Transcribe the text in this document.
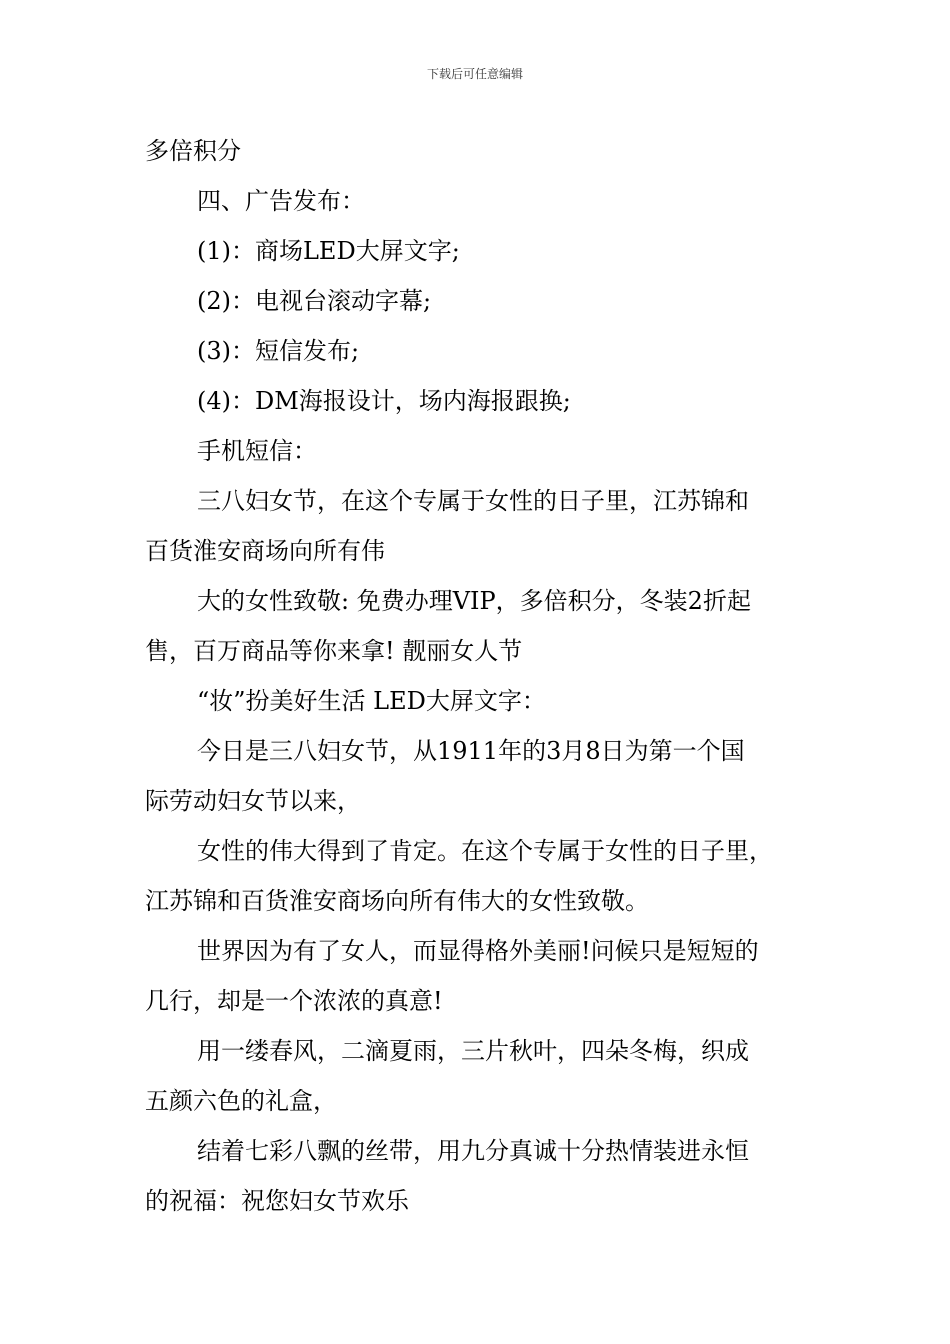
下载后可任意编辑
多倍积分
四、广告发布：
(1)：商场LED大屏文字;
(2)：电视台滚动字幕;
(3)：短信发布;
(4)：DM海报设计，场内海报跟换;
手机短信：
三八妇女节，在这个专属于女性的日子里，江苏锦和
百货淮安商场向所有伟
大的女性致敬: 免费办理VIP，多倍积分，冬装2折起
售，百万商品等你来拿! 靓丽女人节
“妆”扮美好生活 LED大屏文字：
今日是三八妇女节，从1911年的3月8日为第一个国
际劳动妇女节以来，
女性的伟大得到了肯定。在这个专属于女性的日子里，
江苏锦和百货淮安商场向所有伟大的女性致敬。
世界因为有了女人，而显得格外美丽!问候只是短短的
几行，却是一个浓浓的真意!
用一缕春风，二滴夏雨，三片秋叶，四朵冬梅，织成
五颜六色的礼盒，
结着七彩八飘的丝带，用九分真诚十分热情装进永恒
的祝福：祝您妇女节欢乐
